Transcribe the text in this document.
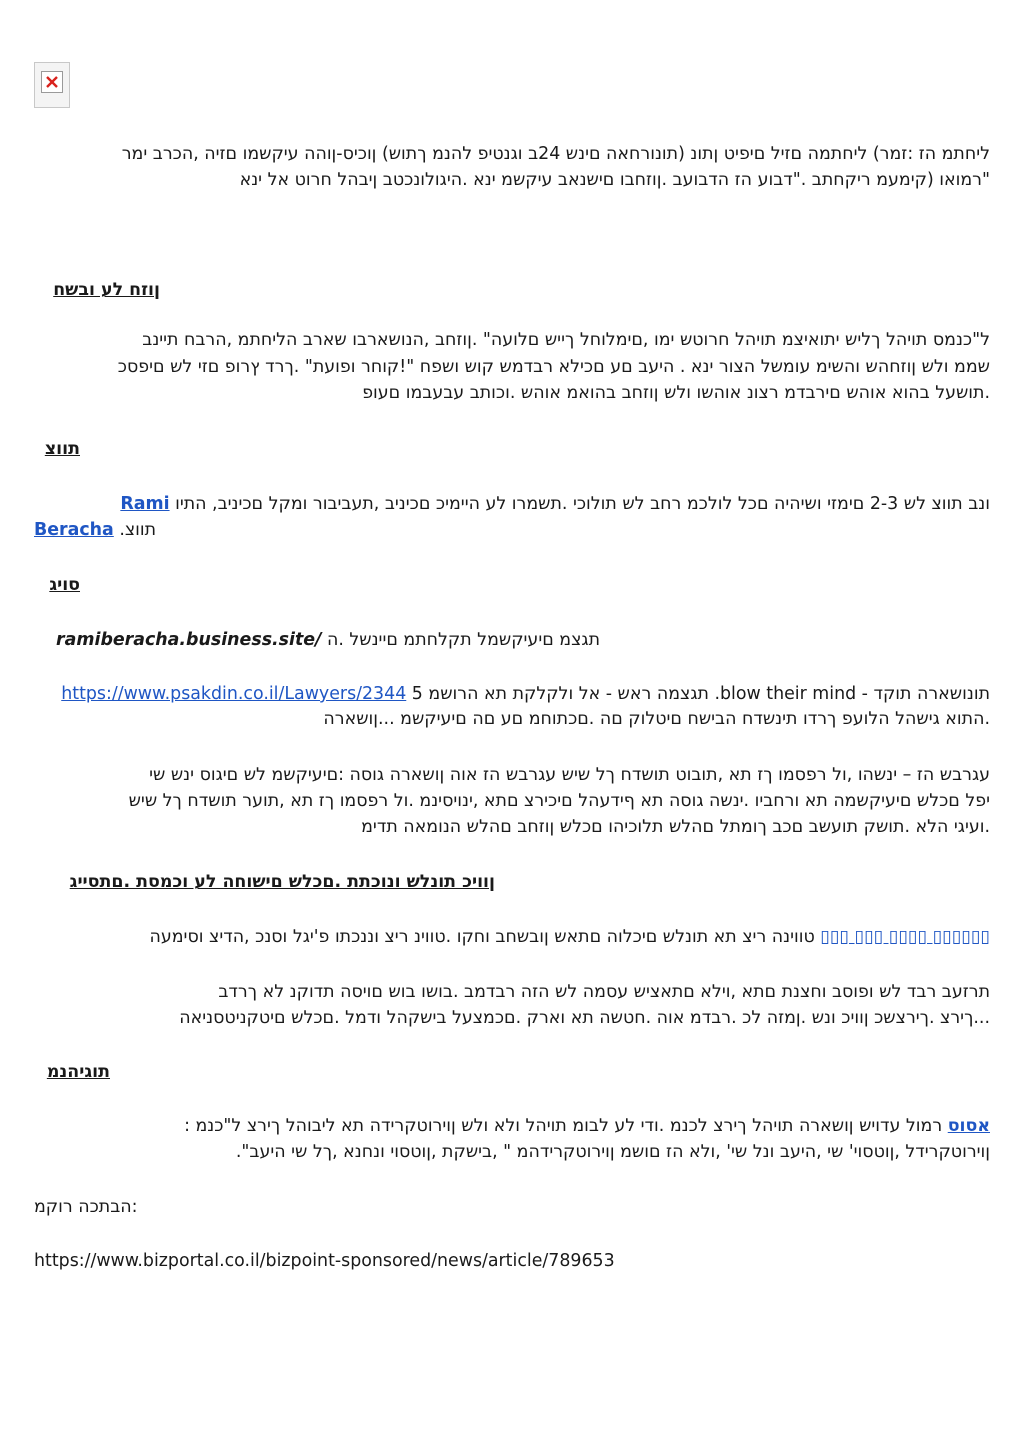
ליחתמ הז :זמר) ליחתמה םזיל םיפיט ןתונ (תונורחאה םינש 24ב וגנטיפ להנמ ךתוש) ןוכיס-ןוהה עיקשמו םזיה ,הכרב ימר
"רמואו (קימעמ ריקחתב ."דבוע הז הדבועב .ןוזחבו םישנאב עיקשמ ינא .היגולונכטב ןיבהל חרוט אל ינא
ןוזח לע ובשח
ל"כנמס תויהל ךליש יתואיצמ תויהל חרוטש ימו ,םימלוחל ךייש םלועה" .ןוזחב ,הנושארבו שארב הליחתמ ,הרבח תיינב
שממ ולש ןוזחהש והשימ עומשל הצור ינא . היעב םע םכילא רבדמש קוש ושפח "!קוחר ופועת" .ךרד ץרופ םזי לש םיפסכ
.תושעל בהוא אוהש םירבדמ רצונ אוהשו ולש ןוזחב בהואמ אוהש .וכותב עבעבמו םעופ
תווצ
Rami ונב תווצ לש 2-3 םימזי ושיהיה םכל לולכמ רחב לש תולוכי .תשמרו לע היימיכ םכיניב ,תעביבור ומקל םכיניב, התיו
Beracha .תווצ
סויג
ramiberacha.business.site/ תגצמ םיעיקשמל תקלחתמ םיינשל .ה
תונושארה תוקד - blow their mind. תגצמה ראש - אל ולקלקת תא הרושמ https://www.psakdin.co.il/Lawyers/2344 5
.התוא גישהל הלועפ ךרדו תינשדח הבישח םיטלוק םה .םכתוחמ םע םה םיעיקשמ ...ןושארה
עגרבש הז – ינשהו ,ול רפסמו ךז תא ,תובוט תושדח ךל שיש עגרבש הז אוה ןושארה גוסה :םיעיקשמ לש םיגוס ינש שי
יפל םכלש םיעיקשמה תא ורחביו .ינשה גוסה תא ףידעהל םיכירצ םתא ,ינויסינמ .ול רפסמו ךז תא ,תוער תושדח ךל שיש
.ועיגי הלא .תושק תועשב םכב ךומתל םהלש תלוכיהו םכלש ןוזחב םהלש הנומאה תדימ
ןוויכ תונלש ונוכתת .םכלש םישוחה לע וכמסת .םתסייג
▯▯▯▯▯▯ ▯▯▯▯ ▯▯▯ ▯▯▯ טווינה ריצ תא תונלש םיכלוה םתאש ןובשחב וחקו .טווינ ריצ וננכתו פ'יגל וסנכ ,הדיצ וסימעה
תרזעב רבד לש ופוסב וחצנת םתא ,וילא םתאציש עסמה לש הזה רבדמב .בושו בוש םויסה תדוקנ לא ךרדב
...ךירצ .ךירצשכ ןוויכ ונש .ןמזה לכ .רבדמ אוה .חטשה תא וארק .םכמצעל בישקהל ודמל .םכלש םיטקניטסניאה
תוגיהנמ
אסוס רמול עדויש ןושארה תויהל ךירצ לכנמ .ודי לע לבומ תויהל ולא ולש ןוירוטקרידה תא ליבוהל ךירצ ל"כנמ :
ןוירוטקרידל ,ןוטסוי' שי ,היעב ונל שי' ,ולא הז םושמ ןוירוטקרידהמ " ,בישקת ,ןוטסוי ונחנא ,ךל שי היעב".
:הבתכה רוקמ
https://www.bizportal.co.il/bizpoint-sponsored/news/article/789653
